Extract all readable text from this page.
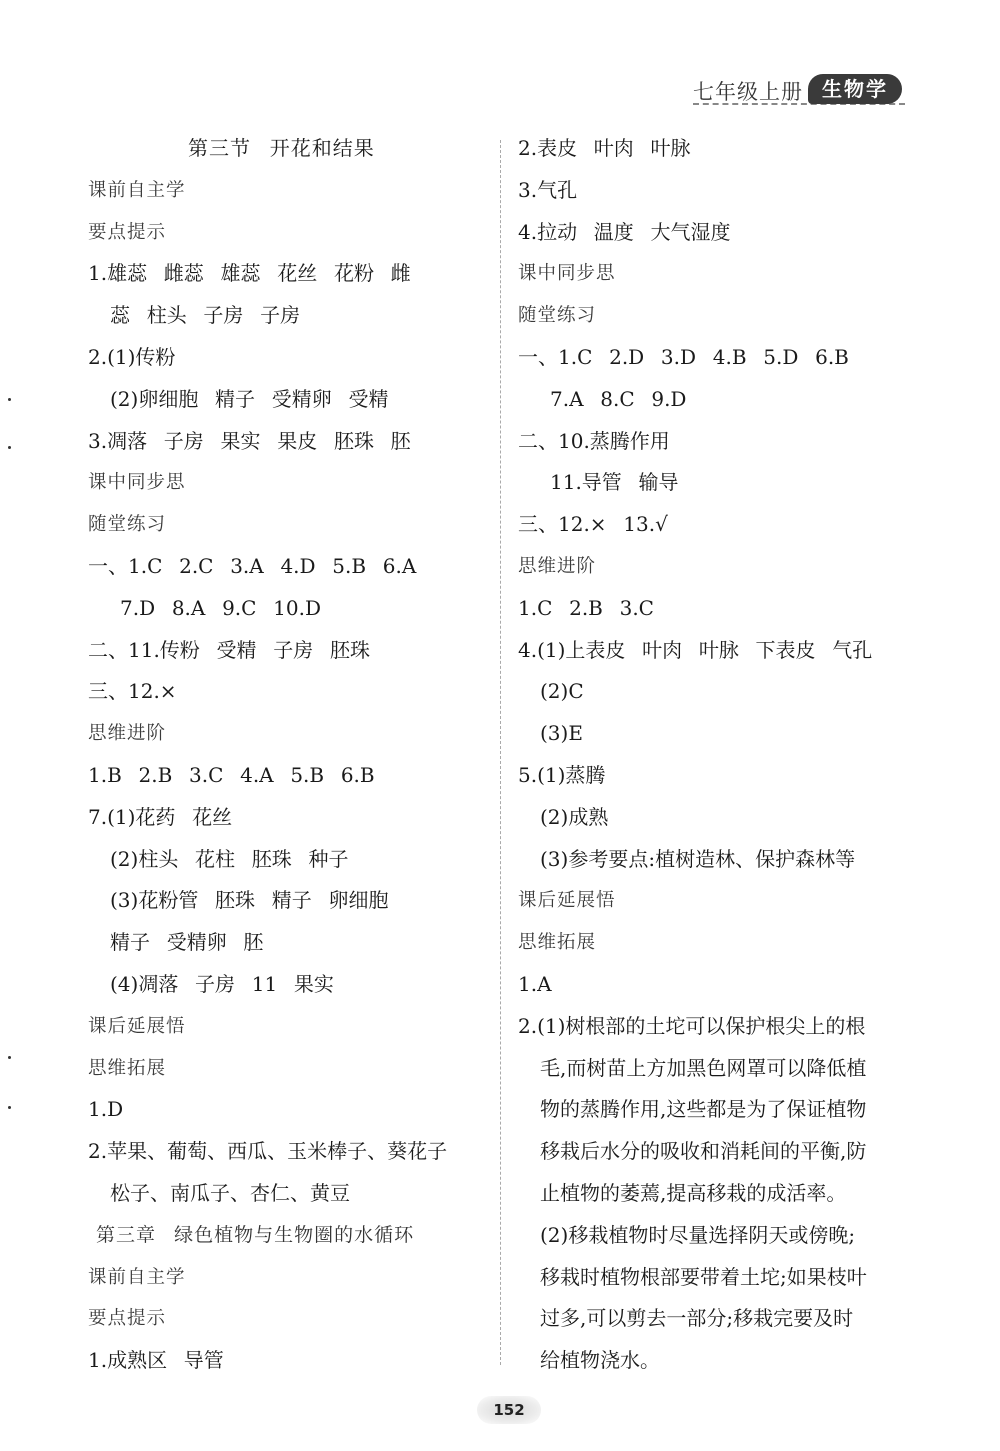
七年级上册 生物学
第三节  开花和结果
课前自主学
要点提示
1.雄蕊  雌蕊  雄蕊  花丝  花粉  雌
蕊  柱头  子房  子房
2.(1)传粉
(2)卵细胞  精子  受精卵  受精
3.凋落  子房  果实  果皮  胚珠  胚
课中同步思
随堂练习
一、1.C  2.C  3.A  4.D  5.B  6.A
7.D  8.A  9.C  10.D
二、11.传粉  受精  子房  胚珠
三、12.×
思维进阶
1.B  2.B  3.C  4.A  5.B  6.B
7.(1)花药  花丝
(2)柱头  花柱  胚珠  种子
(3)花粉管  胚珠  精子  卵细胞
精子  受精卵  胚
(4)凋落  子房  11  果实
课后延展悟
思维拓展
1.D
2.苹果、葡萄、西瓜、玉米棒子、葵花子
松子、南瓜子、杏仁、黄豆
第三章  绿色植物与生物圈的水循环
课前自主学
要点提示
1.成熟区  导管
2.表皮  叶肉  叶脉
3.气孔
4.拉动  温度  大气湿度
课中同步思
随堂练习
一、1.C  2.D  3.D  4.B  5.D  6.B
7.A  8.C  9.D
二、10.蒸腾作用
11.导管  输导
三、12.×  13.√
思维进阶
1.C  2.B  3.C
4.(1)上表皮  叶肉  叶脉  下表皮  气孔
(2)C
(3)E
5.(1)蒸腾
(2)成熟
(3)参考要点:植树造林、保护森林等
课后延展悟
思维拓展
1.A
2.(1)树根部的土坨可以保护根尖上的根
毛,而树苗上方加黑色网罩可以降低植
物的蒸腾作用,这些都是为了保证植物
移栽后水分的吸收和消耗间的平衡,防
止植物的萎蔫,提高移栽的成活率。
(2)移栽植物时尽量选择阴天或傍晚;
移栽时植物根部要带着土坨;如果枝叶
过多,可以剪去一部分;移栽完要及时
给植物浇水。
152
